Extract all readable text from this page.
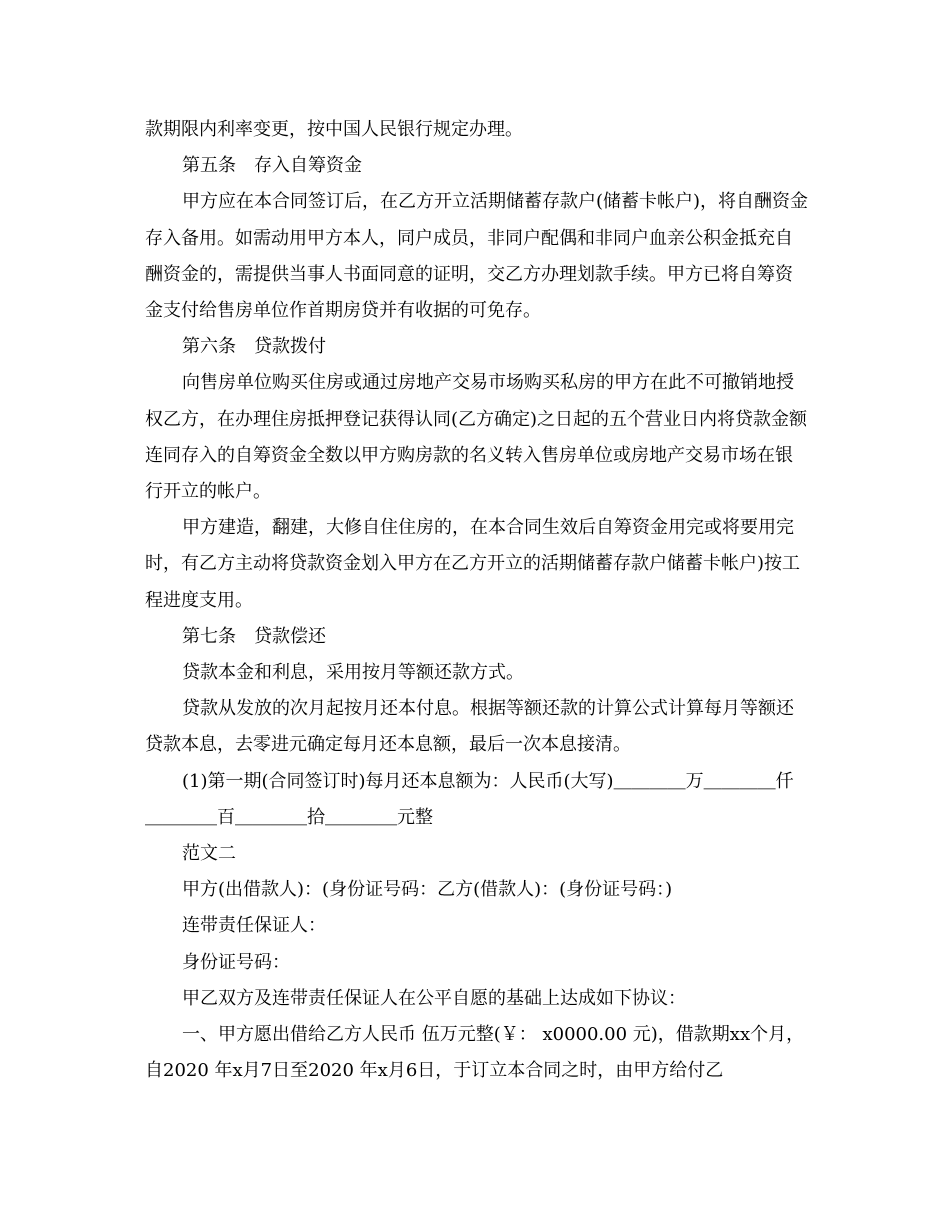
款期限内利率变更，按中国人民银行规定办理。

第五条　存入自筹资金

甲方应在本合同签订后，在乙方开立活期储蓄存款户(储蓄卡帐户)，将自酬资金存入备用。如需动用甲方本人，同户成员，非同户配偶和非同户血亲公积金抵充自酬资金的，需提供当事人书面同意的证明，交乙方办理划款手续。甲方已将自筹资金支付给售房单位作首期房贷并有收据的可免存。

第六条　贷款拨付

向售房单位购买住房或通过房地产交易市场购买私房的甲方在此不可撤销地授权乙方，在办理住房抵押登记获得认同(乙方确定)之日起的五个营业日内将贷款金额连同存入的自筹资金全数以甲方购房款的名义转入售房单位或房地产交易市场在银行开立的帐户。

甲方建造，翻建，大修自住住房的，在本合同生效后自筹资金用完或将要用完时，有乙方主动将贷款资金划入甲方在乙方开立的活期储蓄存款户储蓄卡帐户)按工程进度支用。

第七条　贷款偿还

贷款本金和利息，采用按月等额还款方式。

贷款从发放的次月起按月还本付息。根据等额还款的计算公式计算每月等额还贷款本息，去零进元确定每月还本息额，最后一次本息接清。

(1)第一期(合同签订时)每月还本息额为：人民币(大写)＿＿＿＿万＿＿＿＿仟＿＿＿＿百＿＿＿＿拾＿＿＿＿元整

范文二

甲方(出借款人)：(身份证号码：乙方(借款人)：(身份证号码：)

连带责任保证人：

身份证号码：

甲乙双方及连带责任保证人在公平自愿的基础上达成如下协议：

一、甲方愿出借给乙方人民币 伍万元整(￥： x0000.00 元)，借款期xx个月，自2020 年x月7日至2020 年x月6日，于订立本合同之时，由甲方给付乙
